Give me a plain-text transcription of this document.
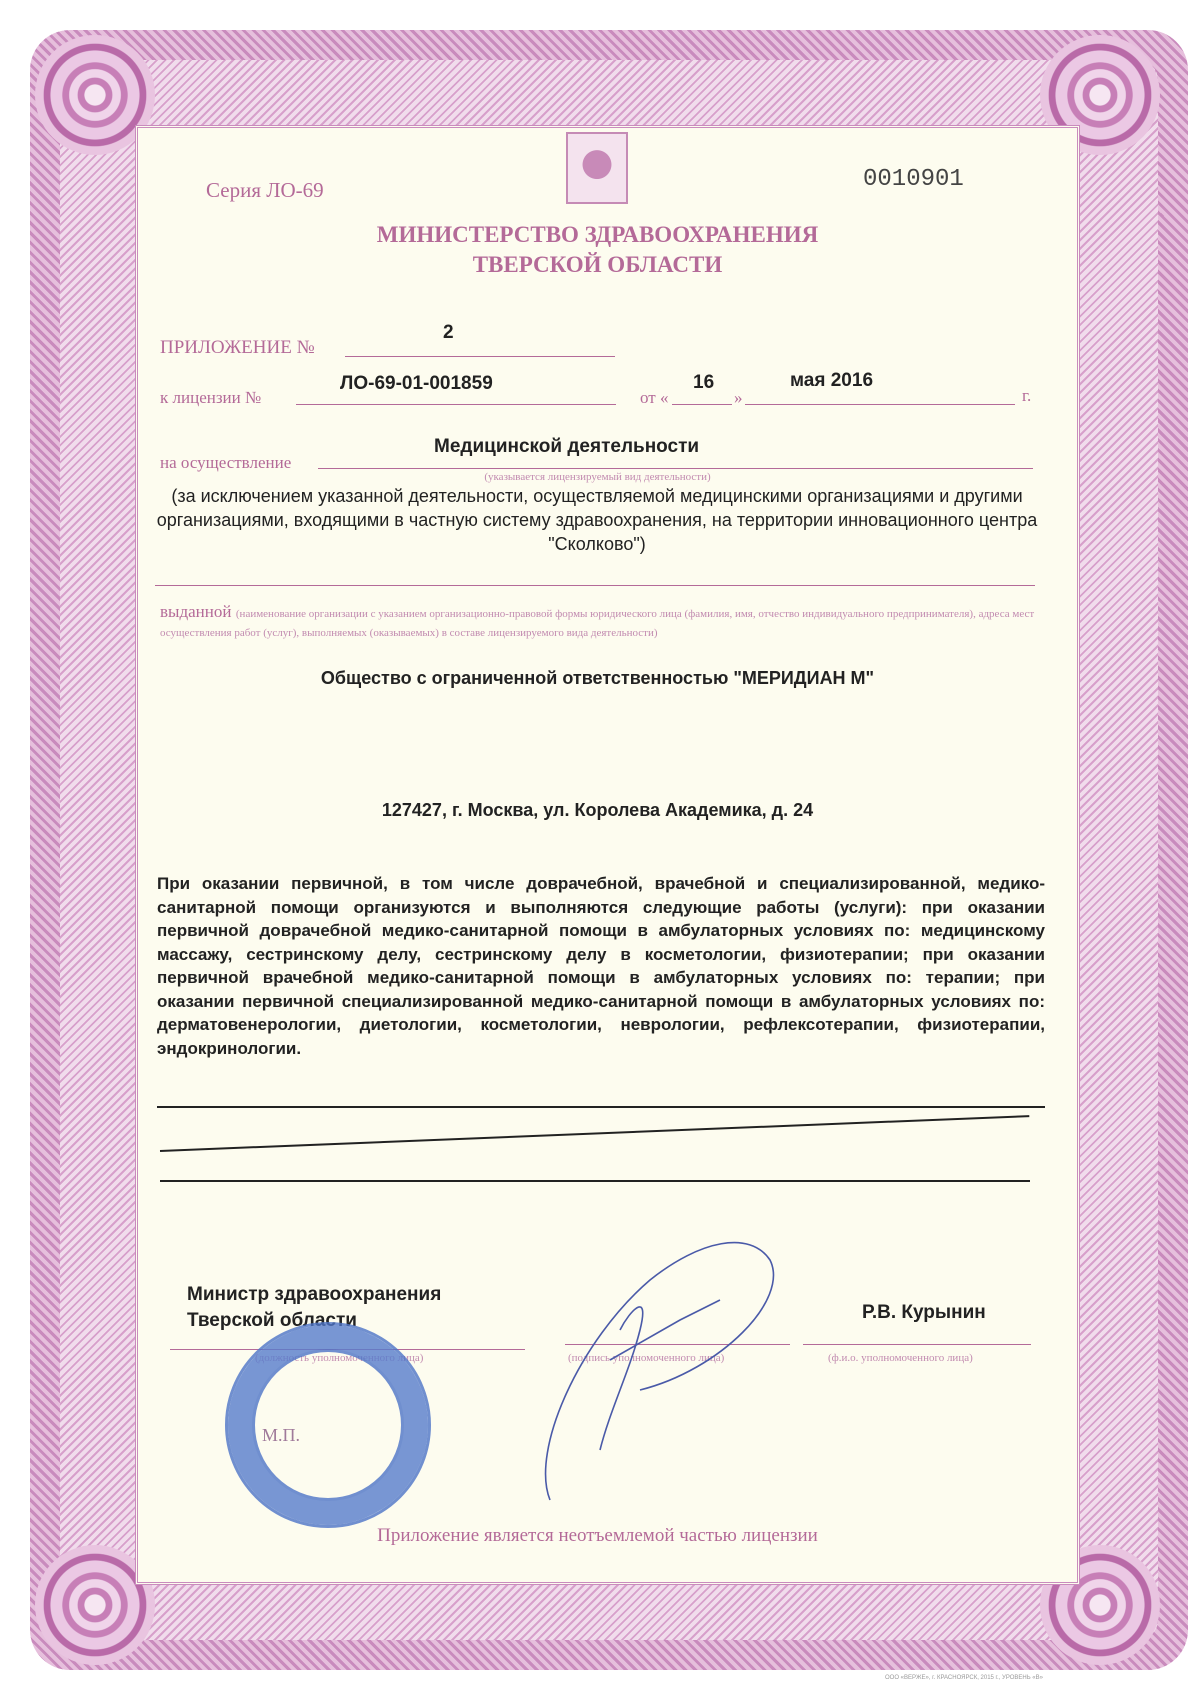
Серия ЛО-69	0010901
МИНИСТЕРСТВО ЗДРАВООХРАНЕНИЯ
ТВЕРСКОЙ ОБЛАСТИ
ПРИЛОЖЕНИЕ №
2
к лицензии №
ЛО-69-01-001859
от «
16
»
мая 2016
г.
на осуществление
Медицинской деятельности
(указывается лицензируемый вид деятельности)
(за исключением указанной деятельности, осуществляемой медицинскими организациями и другими организациями, входящими в частную систему здравоохранения, на территории инновационного центра "Сколково")
выданной (наименование организации с указанием организационно-правовой формы юридического лица (фамилия, имя, отчество индивидуального предпринимателя), адреса мест осуществления работ (услуг), выполняемых (оказываемых) в составе лицензируемого вида деятельности)
Общество с ограниченной ответственностью "МЕРИДИАН М"
127427, г. Москва, ул. Королева Академика, д. 24
При оказании первичной, в том числе доврачебной, врачебной и специализированной, медико-санитарной помощи организуются и выполняются следующие работы (услуги): при оказании первичной доврачебной медико-санитарной помощи в амбулаторных условиях по: медицинскому массажу, сестринскому делу, сестринскому делу в косметологии, физиотерапии; при оказании первичной врачебной медико-санитарной помощи в амбулаторных условиях по: терапии; при оказании первичной специализированной медико-санитарной помощи в амбулаторных условиях по: дерматовенерологии, диетологии, косметологии, неврологии, рефлексотерапии, физиотерапии, эндокринологии.
Министр здравоохранения
Тверской области	Р.В. Курынин
(должность уполномоченного лица)	(подпись уполномоченного лица)	(ф.и.о. уполномоченного лица)
М.П.
Приложение является неотъемлемой частью лицензии
ООО «ВЕРЖЕ», г. КРАСНОЯРСК, 2015 г., УРОВЕНЬ «В»
